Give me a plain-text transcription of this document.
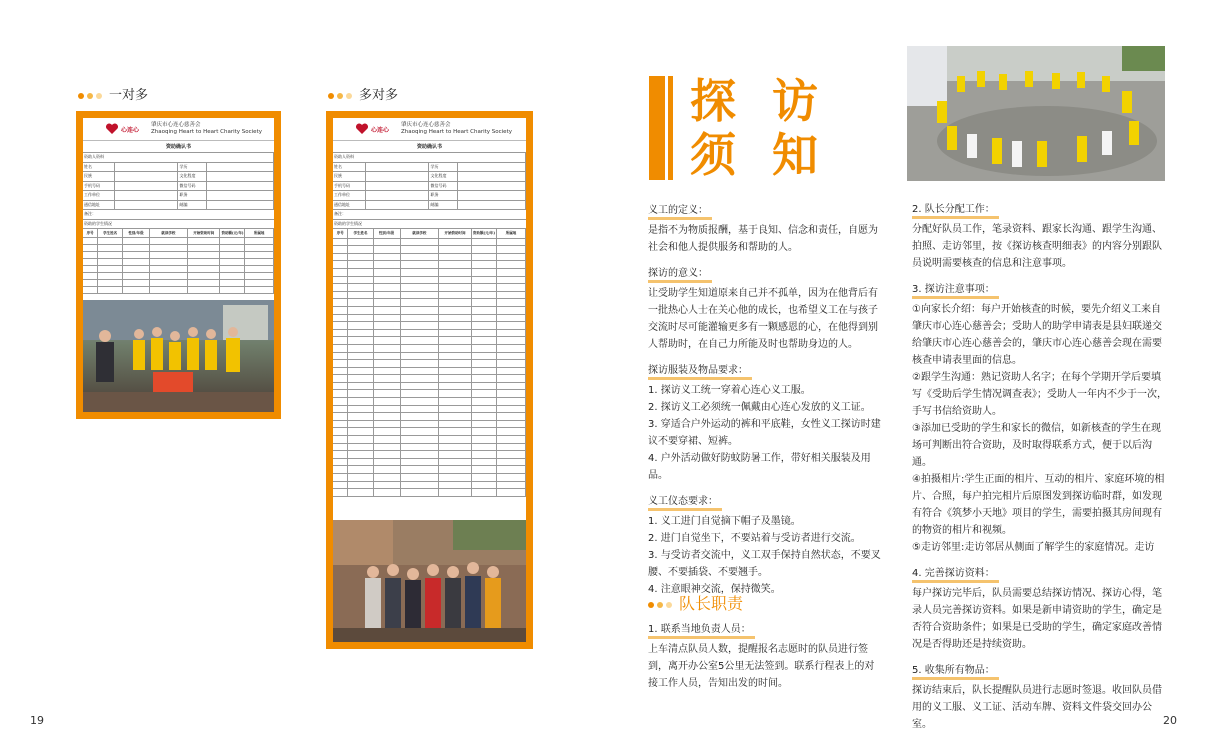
一对多
心连心
肇庆市心连心慈善会
Zhaoqing Heart to Heart Charity Society
资助确认书
资助人资料
姓名	学历
民族	文化程度
手机号码	微信号码
工作单位	职务
通信地址	邮编
备注：
资助的学生情况
序号	学生姓名	性别/年级	就读学校	开始资助时间	资助额(元/年)	所属地
多对多
心连心
肇庆市心连心慈善会
Zhaoqing Heart to Heart Charity Society
资助确认书
资助人资料
姓名	学历
民族	文化程度
手机号码	微信号码
工作单位	职务
通信地址	邮编
备注：
资助的学生情况
序号	学生姓名	性别/年级	就读学校	开始资助时间	资助额(元/年)	所属地
19
探 访
须 知
义工的定义：

是指不为物质报酬，基于良知、信念和责任，自愿为社会和他人提供服务和帮助的人。

探访的意义：

让受助学生知道原来自己并不孤单，因为在他背后有一批热心人士在关心他的成长，也希望义工在与孩子交流时尽可能灌输更多有一颗感恩的心，在他得到别人帮助时，在自己力所能及时也帮助身边的人。

探访服装及物品要求：

1. 探访义工统一穿着心连心义工服。

2. 探访义工必须统一佩戴由心连心发放的义工证。

3. 穿适合户外运动的裤和平底鞋，女性义工探访时建议不要穿裙、短裤。

4. 户外活动做好防蚊防暑工作，带好相关服装及用品。

义工仪态要求：

1. 义工进门自觉摘下帽子及墨镜。

2. 进门自觉坐下，不要站着与受访者进行交流。

3. 与受访者交流中，义工双手保持自然状态，不要叉腰、不要插袋、不要翘手。

4. 注意眼神交流，保持微笑。

队长职责
1. 联系当地负责人员：

上车清点队员人数，提醒报名志愿时的队员进行签到，离开办公室5公里无法签到。联系行程表上的对接工作人员，告知出发的时间。

2. 队长分配工作：

分配好队员工作，笔录资料、跟家长沟通、跟学生沟通、拍照、走访邻里，按《探访核查明细表》的内容分别跟队员说明需要核查的信息和注意事项。

3. 探访注意事项：

①向家长介绍：每户开始核查的时候，要先介绍义工来自肇庆市心连心慈善会；受助人的助学申请表是县妇联递交给肇庆市心连心慈善会的，肇庆市心连心慈善会现在需要核查申请表里面的信息。

②跟学生沟通：熟记资助人名字；在每个学期开学后要填写《受助后学生情况调查表》；受助人一年内不少于一次，手写书信给资助人。

③添加已受助的学生和家长的微信，如新核查的学生在现场可判断出符合资助，及时取得联系方式，便于以后沟通。

④拍摄相片:学生正面的相片、互动的相片、家庭环境的相片、合照，每户拍完相片后原图发到探访临时群，如发现有符合《筑梦小天地》项目的学生，需要拍摄其房间现有的物资的相片和视频。

⑤走访邻里:走访邻居从侧面了解学生的家庭情况。走访

4. 完善探访资料：

每户探访完毕后，队员需要总结探访情况、探访心得，笔录人员完善探访资料。如果是新申请资助的学生，确定是否符合资助条件；如果是已受助的学生，确定家庭改善情况是否得助还是持续资助。

5. 收集所有物品：

探访结束后，队长提醒队员进行志愿时签退。收回队员借用的义工服、义工证、活动车牌、资料文件袋交回办公室。	20
